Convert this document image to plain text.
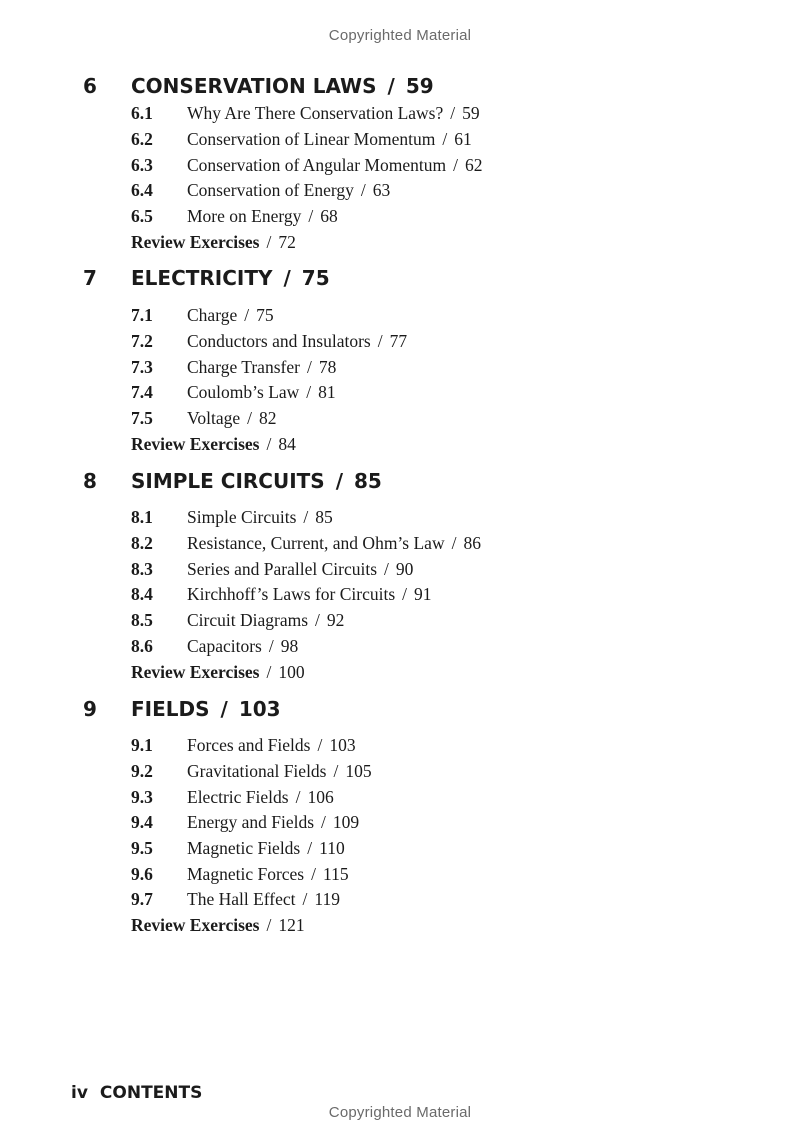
Copyrighted Material
6 CONSERVATION LAWS / 59
6.1 Why Are There Conservation Laws? / 59
6.2 Conservation of Linear Momentum / 61
6.3 Conservation of Angular Momentum / 62
6.4 Conservation of Energy / 63
6.5 More on Energy / 68
Review Exercises / 72
7 ELECTRICITY / 75
7.1 Charge / 75
7.2 Conductors and Insulators / 77
7.3 Charge Transfer / 78
7.4 Coulomb’s Law / 81
7.5 Voltage / 82
Review Exercises / 84
8 SIMPLE CIRCUITS / 85
8.1 Simple Circuits / 85
8.2 Resistance, Current, and Ohm’s Law / 86
8.3 Series and Parallel Circuits / 90
8.4 Kirchhoff’s Laws for Circuits / 91
8.5 Circuit Diagrams / 92
8.6 Capacitors / 98
Review Exercises / 100
9 FIELDS / 103
9.1 Forces and Fields / 103
9.2 Gravitational Fields / 105
9.3 Electric Fields / 106
9.4 Energy and Fields / 109
9.5 Magnetic Fields / 110
9.6 Magnetic Forces / 115
9.7 The Hall Effect / 119
Review Exercises / 121
iv CONTENTS
Copyrighted Material
